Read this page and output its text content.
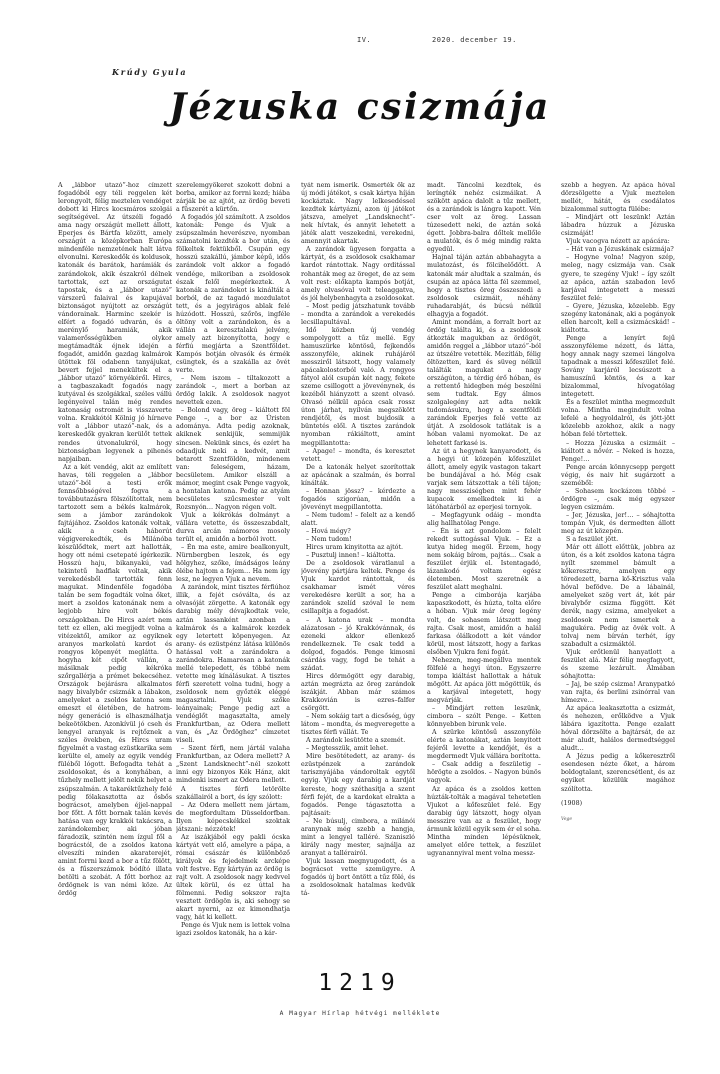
IV.	2020. december 19.
Krúdy Gyula
Jézuska csizmája

A „lábbor utazó”-hoz címzett fogadóból egy téli reggelen két lerongyolt, félig meztelen vendéget dobott ki Hircs kocsmáros szolgái segítségével. Az útszéli fogadó ama nagy országút mellett állott, Eperjes és Bártfa között, amely országút a középkorban Európa mindenféle nemzetének halt látva elvonulni. Kereskedők és koldusok, katonák és barátok, harámiák és zarándokok, akik északról délnek tartottak, ezt az országutat tapostak, és a „lábbor utazó” várszerű falaival és kapujával biztonságot nyújtott az országút vándorainak. Harminc szekér is elfért a fogadó udvarán, és a merénylő haramiák, akik valamerősségükben olykor megtámadták éjnek idején a fogadót, amidőn gazdag kalmárok ütöttek föl odabenn tanyájukat, bevert fejjel menekültek el a „lábbor utazó” környékéről. Hircs, a tagbaszakadt fogadós nagy kutyával és szolgákkal, széles vállú legényeivel talán még rendes katonaság ostromát is visszaverte volna. Krakkótól Kölnig jó hírneve volt a „lábbor utazó”-nak, és a kereskedők gyakran kerülőt tettek rendes útvonalukról, hogy biztonságban legyenek a pihenés napjaiban.

Az a két vendég, akit az említett havas, téli reggelen a „lábbor utazó”-ból a testi erők fennsőbbségével fogva a továbbutazásra fölszólítottak, nem tartozott sem a békés kalmárok, sem a jámbor zarándokok fajtájához. Zsoldos katonák voltak, akik a cseh háborút végigverekedték, és Milánóba készülődtek, mert azt hallották, hogy ott némi csetepaté ígérkezik. Hosszú haju, bikanyakú, vad tekintetű hadfiak voltak, akik verekedésből tartották fenn magukat. Mindenféle fogadóba talán be sem fogadták volna őket, mert a zsoldos katonának nem a legjobb híre volt békés országokban. De Hircs azért nem tett ez ellen, aki megijedt volna a vitézektől, amikor az egyiknek aranyos markolatú kardot és rongyos köpenyét meglátta. Ó hogyha két cipőt vállán, a másiknak pedig kékróka szőrgallérja a prémet bekecséhez. Országok bejárásra alkalmatos nagy bivalybőr csizmák a lábakon, amelyeket a zsoldos katona sem emeszt el életében, de hatrom-négy generáció is elhasználhatja bekeötökben. Azonkívül jó cseh és lengyel aranyak is rejtőznek a széles övekben, és Hircs uram figyelmét a vastag ezüstkarika sem kerülte el, amely az egyik vendég füléből lógott. Befogadta tehát a zsoldosokat, és a konyhában, a tűzhely mellett jelölt nekik helyet a zsúpszalmán. A takaréktűzhely felé pedig fólakasztotta az ősbős bográcsot, amelyben éjjel-nappal bor főtt. A főtt bornak talán kevés hatása van egy krakkói takácsra, a zarándokember, aki jóban fáradozik, szintén nem ízgul fől a bográcstól, de a zsoldos katona elveszíti minden akaraterejét, amint forrni kezd a bor a tűz fölött, és a fűszerszámok bódító illata betölti a szobát. A főtt borhoz az ördögnek is van némi köze. Az ördög

szerelemgyökeret szokott dobni a borba, amikor az forrni kezd; hiába zárják be az ajtót, az ördög beveti a fűszerét a kürtőn.

A fogadós jól számított. A zsoldos katonák: Penge és Vjuk a zsúpszalmán heverészve, nyomban számatolni kezdték a bor után, és fölkeltek fektükből. Csupán egy hosszú szakállú, jámbor képű, idős zarándok volt akkor a fogadó vendége, mikoriban a zsoldosok észak felől megérkeztek. A katonák a zarándokot is kinálták a borból, de az tagadó mozdulatot tett, és a jegyirágos ablak felé húzódott. Hosszú, szőrös, ingféle öltöny volt a zarándokon, és a vállán a keresztalakú jelvény, amely azt bizonyította, hogy e férfiú megjárta a Szentföldet. Kampós botján olvasók és érmék csüngtek, és a szakálla az övét verte.

– Nem iszom – tiltakozott a zarándok –, mert a borban az ördög lakik. A zsoldosok nagyot nevettek ezen.

– Bolond vagy, öreg – kiáltott föl Penge –, a bor az Úristen adománya. Adta pedig azoknak, akiknek senkijük, semmijük sincsen. Nekünk sincs, és ezért ha odaadjuk neki a kedvét, amit betarott Szentföldön, mindenem van: feleségem, házam, becsületem. Amikor elszáll a mámor, megint csak Penge vagyok, a hontalan katona. Pedig az atyám becsületes szűcsmester volt Rozsnyón… Nagyon régen volt.

Vjuk a kékrókás dolmányt a vállára vetette, és összeszabdalt, durva arcán mámoros mosoly terült el, amidőn a borból ivott.

– Én ma este, amire bealkonyult, Nürnbergben leszek, és egy hölgyhez, szőke, ímádságos leány ölébe hajtom a fejem… Ha nem így lesz, ne legyen Vjuk a nevem.

A zarándok, mint tisztes férfiúhoz illik, a fejét csóválta, és az olvasóját zörgette. A katonák egy darabig mély dévajkodtak vele, aztán lassanként azonban a kalmárok és a kalmárok kezdek egy letertett köpenyegen. Az arany- és ezüstpénz látása különös hatással volt a zarándokra a zarándokra. Hamarosan a katonák mellé telepedett, és többé nem vetette meg kínálásukat. A tisztes férfi szeretett volna tudni, hogy a zsoldosok nem győzték eléggé magasztalni. Vjuk szőke leányainak; Penge pedig azt a vendéglőt magasztalta, amely Frankfurtban, az Odera mellett van, és „Az Ördöghez” címzetet viseli.

– Szent férfi, nem jártál valaha Frankfurtban, az Odera mellett? A „Szent Landsknecht”-nél szokott inni egy bizonyos Kék Hánz, akit mindenki ismert az Odera mellett.

A tisztes férfi letörölte szakállairól a bort, és így szólott:

– Az Odera mellett nem jártam, de megfordultam Düsseldorfban. Ilyen képecskékkel szoktak játszani: nézzétek!

Az iszákjából egy pakli ócska kártyát vett elő, amelyre a pápa, a római császár és különböző királyok és fejedelmek arcképe volt festve. Egy kártyán az ördög is rajt volt. A zsoldosok nagy kedvvel ültek körül, és ez úttal ha fölmenni. Pedig sokszor rajta vesztett ördögön is, aki sehogy se akart nyerni, az ez kimondhatja vagy, hát ki kellett.

Penge és Vjuk nem is lettek volna igazi zsoldos katonák, ha a kár-

tyát nem ismerik. Ösmerték ők az új módi játékot, s csak kártya híján kockáztak. Nagy lelkesedéssel kezdtek kártyázni, azon új játékot játszva, amelyet „Landsknecht”-nek hívtak, és annyit lehetett a játék alatt veszekedni, verekedni, amennyit akartak.

A zarándok ügyesen forgatta a kártyát, és a zsoldosok csakhamar kardot rántottak. Nagy orditással rohanták meg az öreget, de az sem volt rest: előkapta kampós botját, amely olvasóval volt teleaggatva, és jól helybenhagyta a zsoldosokat.

– Most pedig játszhatunk tovább – mondta a zarándok a verekedés lecsillapultával.

Idő közben új vendég sompolygott a tűz mellé. Egy hamuszürke köntösű, fejkendős asszonyféle, akinek ruhájáról messziről látszott, hogy valamely apácakolostorból való. A rongyos fátyol alól csupán két nagy, fekete szeme csillogott a jövevénynek, és kezéből hiányzott a szent olvasó. Olvasó nélkül apáca csak rossz úton járhat, nyilván megszökött rendjétől, és most bujdosik a büntetés elől. A tisztes zarándok nyomban rákiáltott, amint megpillantotta:

– Apage! – mondta, és keresztet vetett.

De a katonák helyet szorítottak az apácának a szalmán, és borral kínálták.

– Honnan jössz? – kérdezte a fogadós szigorúan, midőn a jövevényt megpillantotta.

– Nem tudom! – felelt az a kendő alatt.

– Hová mégy?

– Nem tudom!

Hircs uram kinyitotta az ajtót.

– Pusztulj innen! – kiáltotta.

De a zsoldosok váratlanul a jövevény pártjára keltek. Penge és Vjuk kardot rántottak, és csakhamar ismét véres verekedésre került a sor, ha a zarándok szelíd szóval le nem csillapítja a fogadóst.

– A katona urak – mondta alázatosan – jó Krakkóvánnak, és ezeneki akkor ellenkező rendelkeznek. Te csak tedd a dolgod, fogadós. Penge kimosni csárdás vagy, fogd be tehát a szádat.

Hircs dörmögött egy darabig, aztán megrázta az öreg zarándok iszákját. Abban már számos Krakkovián is ezres–falfer csörgött.

– Nem sokáig tart a dicsőség, úgy látom – mondta, és megveregette a tisztes férfi vállát. Te

A zarándok lesütötte a szemét.

– Megtesszük, amit lehet.

Mire besötétedett, az arany- és ezüstpénzek a zarándok tarisznyájába vándoroltak egytől egyig. Vjuk egy darabig a kardját kereste, hogy széthasítja a szent férfi fejét, de a kardokat elrakta a fogadós. Penge tágasztotta a pajtásait:

– Ne búsulj, cimbora, a milánói aranynak még szebb a hangja, mint a lengyel talléré. Szaniszló király nagy mester, sajnálja az aranyat a tallérairól.

Vjuk lassan megnyugodott, és a bográcsot vette szemügyre. A fogadós új bort öntött a tűz fölé, és a zsoldosoknak hatalmas kedvük tá-

madt. Táncolni kezdtek, és leríngték nehéz csizmáikat. A szökött apáca dalolt a tűz mellett, és a zarándok is lángra kapott. Vén cser volt az öreg. Lassan túzesedett neki, de aztán soká égett. Jobbra-balra dőltek mellőle a mulatók, és ő még mindig rakta egyedül.

Hajnal táján aztán abbahagyta a mulatozást, és fölcihelődött. A katonák már aludtak a szalmán, és csupán az apáca látta fél szemmel, hogy a tisztes öreg összeszedi a zsoldosok csizmáit, néhány ruhadarabját, és búcsú nélkül elhagyja a fogadót.

Amint mondám, a forralt bort az ördög találta ki, és a zsoldosok átkozták magukban az ördögöt, amidőn reggel a „lábbor utazó”-ból az útszélre vetették. Mezítláb, félig öltözetten, kard és süveg nélkül találták magukat a nagy országúton, a térdig érő hóban, és a rettentő hidegben még beszélni sem tudtak. Egy álmos szolgalegény azt adta nekik tudomásukra, hogy a szentföldi zarándok Eperjes felé vette az útját. A zsoldosok tatlátak is a hóban valami nyomokat. De az lehetett farkasé is.

Az út a hegynek kanyarodott, és a hegyi út közepén kőfeszület állott, amely egyik vastagon takart be bundájával a hó. Még csak varjak sem látszottak a téli tájon; nagy messziségben mint fehér kupacok emelkedtek ki a látóhatárból az eperjesi tornyok.

– Megfagyunk odáig – mondta alig hallhatólag Penge.

– Én is azt gondolom – felelt rekedt suttogással Vjuk. – Ez a kutya hideg megöl. Érzem, hogy nem sokáig bírom, pajtás… Csak a feszület érjük el. Istentagadó, lázankodó voltam egész életemben. Most szeretnék a feszület alatt meghalni.

Penge a cimborája karjába kapaszkodott, és húzta, tolta előre a hóban. Vjuk már öreg legény volt, de sohasem látszott meg rajta. Csak most, amidőn a halál farkasa ólálkodott a két vándor körül, most látszott, hogy a farkas elsőben Vjukra feni fogát.

Nehezen, meg-megállva mentek fölfelé a hegyi úton. Egyszerre tompa kiáltást hallottak a hátuk mögött. Az apáca jött mögöttük, és a karjával integetett, hogy megvárják.

– Mindjárt retten leszünk, cimbora – szólt Penge. – Ketten könnyebben birunk vele.

A szürke köntösű asszonyféle elérte a katonákat, aztán lenyitott fejéről levette a kendőjét, és a megdermedt Vjuk vállára borította.

– Csak addig a feszületig – hörögte a zsoldos. – Nagyon búnös vagyok.

Az apáca és a zsoldos ketten húzták-tolták a magával tehetetlen Vjukot a kőfeszület felé. Egy darabig úgy látszott, hogy olyan messzire van az a feszület, hogy ármunk közül egyik sem ér el soha. Mintha minden lépésüknek, amelyet előre tettek, a feszület ugyanannyival ment volna messz-

szebb a hegyen. Az apáca hóval dörzsölgette a Vjuk meztelen mellét, hátát, és csodálatos bizalommal suttogta fülébe:

– Mindjárt ott leszünk! Aztán lábadra húzzuk a Jézuska csizmáját!

Vjuk vacogva nézett az apácára:

– Hát van a Jézuskának csizmája?

– Hogyne volna! Nagyon szép, meleg, nagy csizmája van. Csak gyere, te szegény Vjuk! – így szólt az apáca, aztán szabadon levő karjával integetett a messzi feszület felé:

– Gyere, Jézuska, közelebb. Egy szegény katonának, aki a pogányok ellen harcolt, kell a csizmácskád! – kiáltotta.

Penge a lenyírt fejű asszonyféleme nézett, és látta, hogy annak nagy szemei lángolva tapadnak a messzi kőfeszület felé. Sovány karjáról lecsúszott a hamuszínű köntös, és a kar bizalommal, hívogatólag integetett.

És a feszület mintha megmozdult volna. Mintha megindult volna lefelé a hegyoldalról, és jött-jött közelebb azokhoz, akik a nagy hóban felé törtettek.

– Hozza Jézuska a csizmáit – kiáltott a nővér. – Neked is hozza, Penge!…

Penge arcán könnycsepp pergett végig, és naiv hit sugárzott a szeméből:

– Sohasem kockázom többé – ördögre –, csak még egyszer legyen csizmám.

– Jer, Jézuska, jer!… – sóhajtotta tompán Vjuk, és dermedten állott meg az út közepén.

S a feszület jött.

Már ott állott előttük, jobbra az úton, és a két zsoldos katona tágra nyílt szemmel bámult a kőkeresztre, amelyen egy töredezett, barna kő-Krisztus vala hóval befödve. De a lábainál, amelyeket szög vert át, két pár bivalybőr csizma függött. Két derék, nagy csizma, amelyeket a zsoldosok nem ismertek a magukéra. Pedig az övék volt. A tolvaj nem bírván terhét, így szabadult a csizmáktól.

Vjuk erőtlenül hanyatlott a feszület alá. Már félig megfagyott, és szeme lezárult. Álmában sóhajtotta:

– Jaj, be szép csizma! Aranypatkó van rajta, és berlini zsinórral van hímezve…

Az apáca leakasztotta a csizmát, és nehezen, erőlködve a Vjuk lábára igazította. Penge ezalatt hóval dörzsölte a bajtársát, de az már aludt, halálos dermedtséggel aludt…

A Jézus pedig a kőkeresztről esendesen nézte őket, a három boldogtalant, szerencsétlent, és az egyiket közülük magához szólította.

(1908)

Vege

1219
A Magyar Hírlap hétvégi melléklete
